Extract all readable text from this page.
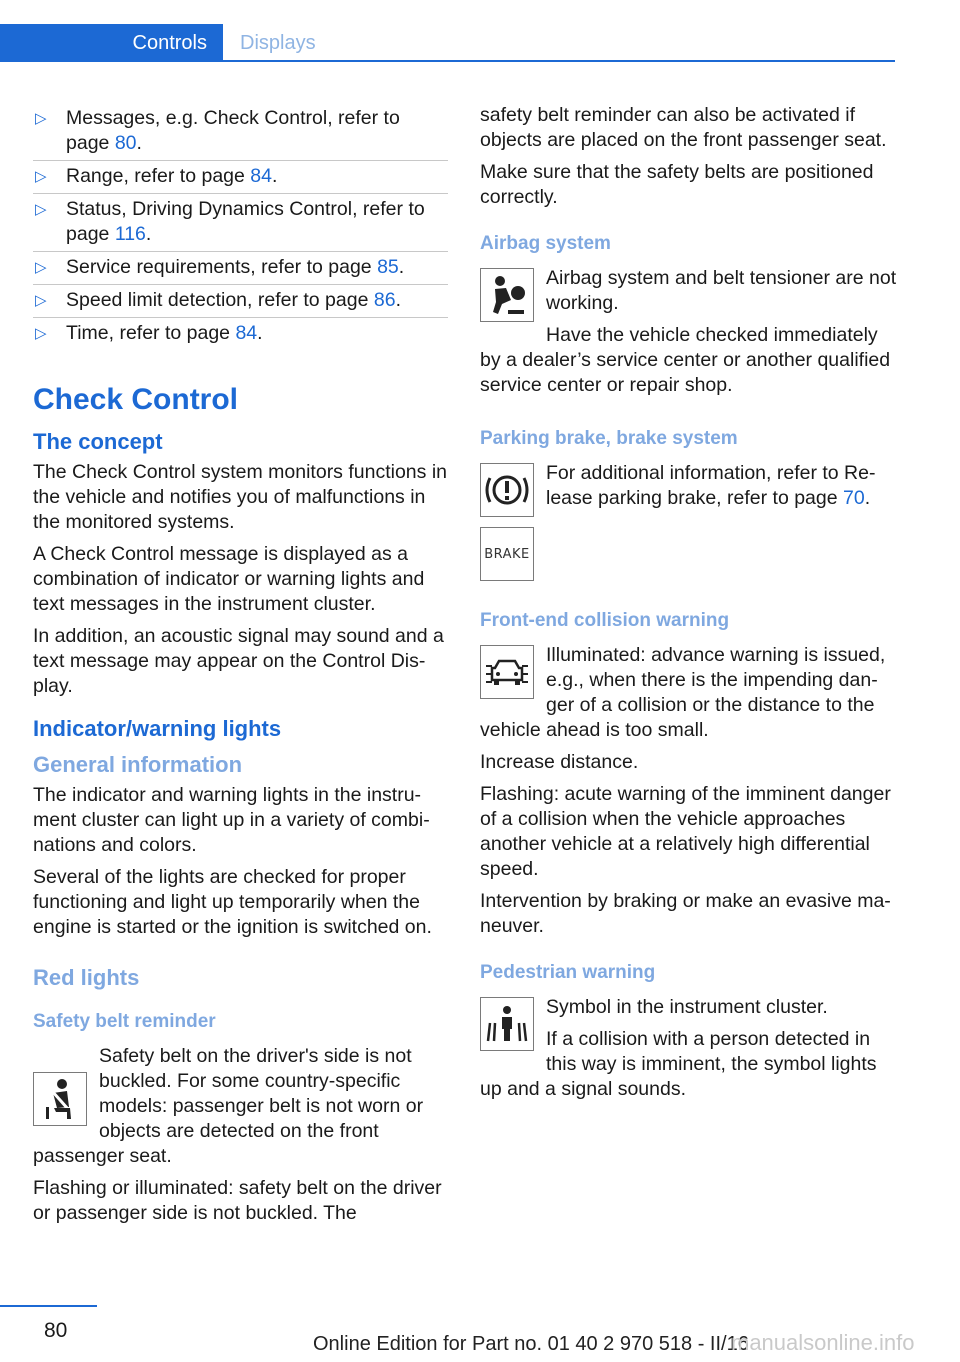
Controls Displays
▷ Messages, e.g. Check Control, refer to page 80.
▷ Range, refer to page 84.
▷ Status, Driving Dynamics Control, refer to page 116.
▷ Service requirements, refer to page 85.
▷ Speed limit detection, refer to page 86.
▷ Time, refer to page 84.
Check Control
The concept

The Check Control system monitors functions in the vehicle and notifies you of malfunctions in the monitored systems.

A Check Control message is displayed as a combination of indicator or warning lights and text messages in the instrument cluster.

In addition, an acoustic signal may sound and a text message may appear on the Control Display.

Indicator/warning lights
General information

The indicator and warning lights in the instrument cluster can light up in a variety of combinations and colors.

Several of the lights are checked for proper functioning and light up temporarily when the engine is started or the ignition is switched on.

Red lights
Safety belt reminder

Safety belt on the driver's side is not buckled. For some country-specific models: passenger belt is not worn or objects are detected on the front passenger seat.

Flashing or illuminated: safety belt on the driver or passenger side is not buckled. The

safety belt reminder can also be activated if objects are placed on the front passenger seat.

Make sure that the safety belts are positioned correctly.

Airbag system

Airbag system and belt tensioner are not working.

Have the vehicle checked immediately by a dealer’s service center or another qualified service center or repair shop.

Parking brake, brake system

For additional information, refer to Release parking brake, refer to page 70.

BRAKE
Front-end collision warning

Illuminated: advance warning is issued, e.g., when there is the impending danger of a collision or the distance to the vehicle ahead is too small.

Increase distance.

Flashing: acute warning of the imminent danger of a collision when the vehicle approaches another vehicle at a relatively high differential speed.

Intervention by braking or make an evasive maneuver.

Pedestrian warning

Symbol in the instrument cluster.

If a collision with a person detected in this way is imminent, the symbol lights up and a signal sounds.

80
Online Edition for Part no. 01 40 2 970 518 - II/16
manualsonline.info
